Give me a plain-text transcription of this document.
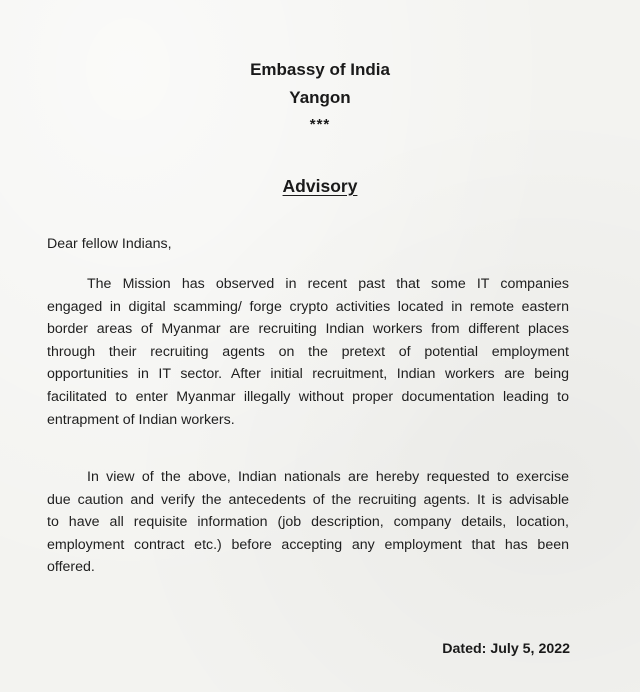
Embassy of India
Yangon
***
Advisory
Dear fellow Indians,
The Mission has observed in recent past that some IT companies
engaged in digital scamming/ forge crypto activities located in remote eastern
border areas of Myanmar are recruiting Indian workers from different places
through their recruiting agents on the pretext of potential employment
opportunities in IT sector. After initial recruitment, Indian workers are being
facilitated to enter Myanmar illegally without proper documentation leading to
entrapment of Indian workers.
In view of the above, Indian nationals are hereby requested to exercise
due caution and verify the antecedents of the recruiting agents. It is advisable
to have all requisite information (job description, company details, location,
employment contract etc.) before accepting any employment that has been
offered.
Dated: July 5, 2022
